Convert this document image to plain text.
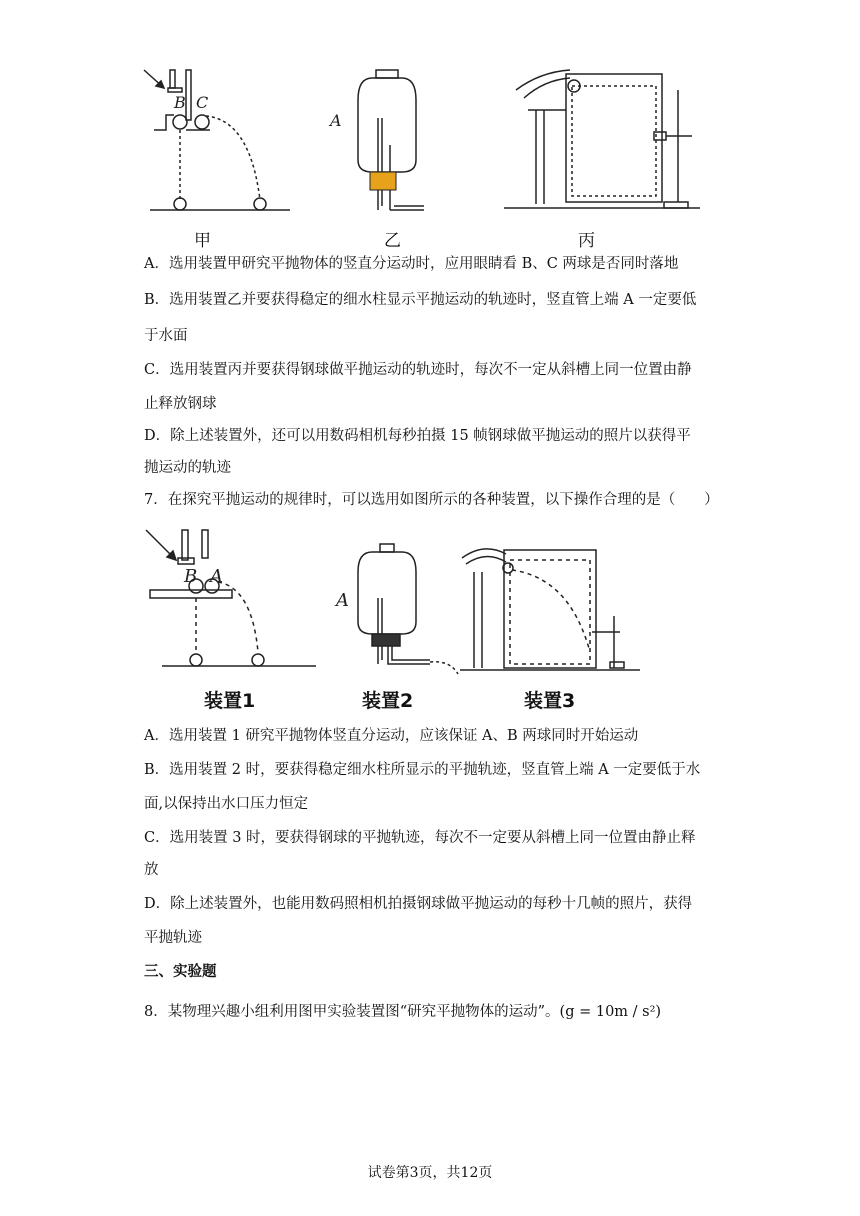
B C
A
甲	乙	丙
A．选用装置甲研究平抛物体的竖直分运动时，应用眼睛看 B、C 两球是否同时落地
B．选用装置乙并要获得稳定的细水柱显示平抛运动的轨迹时，竖直管上端 A 一定要低
于水面
C．选用装置丙并要获得钢球做平抛运动的轨迹时，每次不一定从斜槽上同一位置由静
止释放钢球
D．除上述装置外，还可以用数码相机每秒拍摄 15 帧钢球做平抛运动的照片以获得平
抛运动的轨迹
7．在探究平抛运动的规律时，可以选用如图所示的各种装置，以下操作合理的是（　　）
B A
A
装置1	装置2	装置3
A．选用装置 1 研究平抛物体竖直分运动，应该保证 A、B 两球同时开始运动
B．选用装置 2 时，要获得稳定细水柱所显示的平抛轨迹，竖直管上端 A 一定要低于水
面,以保持出水口压力恒定
C．选用装置 3 时，要获得钢球的平抛轨迹，每次不一定要从斜槽上同一位置由静止释
放
D．除上述装置外，也能用数码照相机拍摄钢球做平抛运动的每秒十几帧的照片，获得
平抛轨迹
三、实验题
8．某物理兴趣小组利用图甲实验装置图“研究平抛物体的运动”。(g = 10m / s²)
试卷第3页，共12页
